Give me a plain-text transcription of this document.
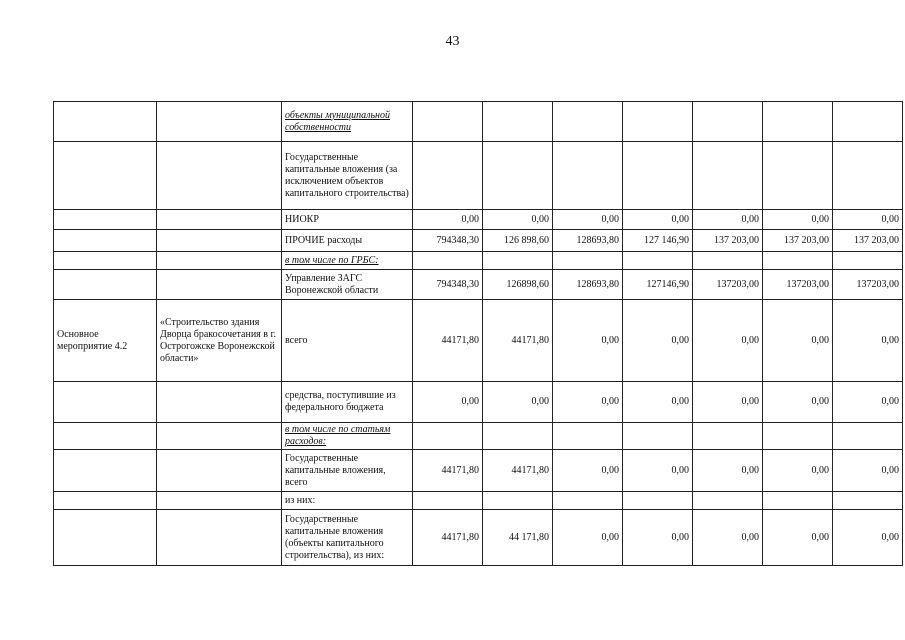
43
		объекты муниципальной собственности							
		Государственные капитальные вложения (за исключением объектов капитального строительства)							
		НИОКР	0,00	0,00	0,00	0,00	0,00	0,00	0,00
		ПРОЧИЕ расходы	794348,30	126 898,60	128693,80	127 146,90	137 203,00	137 203,00	137 203,00
		в том числе по ГРБС:							
		Управление ЗАГС Воронежской области	794348,30	126898,60	128693,80	127146,90	137203,00	137203,00	137203,00
Основное мероприятие 4.2	«Строительство здания Дворца бракосочетания в г. Острогожске Воронежской области»	всего	44171,80	44171,80	0,00	0,00	0,00	0,00	0,00
		средства, поступившие из федерального бюджета	0,00	0,00	0,00	0,00	0,00	0,00	0,00
		в том числе по статьям расходов:							
		Государственные капитальные вложения, всего	44171,80	44171,80	0,00	0,00	0,00	0,00	0,00
		из них:							
		Государственные капитальные вложения (объекты капитального строительства), из них:	44171,80	44 171,80	0,00	0,00	0,00	0,00	0,00
